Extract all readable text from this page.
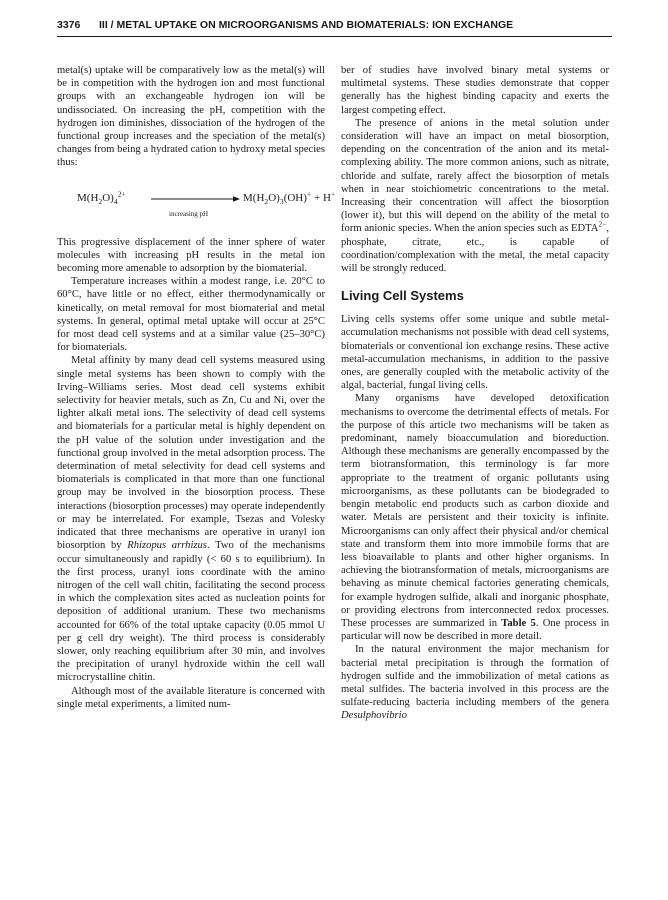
3376 III / METAL UPTAKE ON MICROORGANISMS AND BIOMATERIALS: ION EXCHANGE

metal(s) uptake will be comparatively low as the metal(s) will be in competition with the hydrogen ion and most functional groups with an exchangeable hydrogen ion will be undissociated. On increasing the pH, competition with the hydrogen ion diminishes, dissociation of the hydrogen of the functional group increases and the speciation of the metal(s) changes from being a hydrated cation to hydroxy metal species thus:

$M(H_2O)_4^{2+}$	$M(H_2O)_3(OH)^+ + H^+$
increasing pH

This progressive displacement of the inner sphere of water molecules with increasing pH results in the metal ion becoming more amenable to adsorption by the biomaterial.

Temperature increases within a modest range, i.e. 20°C to 60°C, have little or no effect, either thermodynamically or kinetically, on metal removal for most biomaterial and metal systems. In general, optimal metal uptake will occur at 25°C for most dead cell systems and at a similar value (25–30°C) for biomaterials.

Metal affinity by many dead cell systems measured using single metal systems has been shown to comply with the Irving–Williams series. Most dead cell systems exhibit selectivity for heavier metals, such as Zn, Cu and Ni, over the lighter alkali metal ions. The selectivity of dead cell systems and biomaterials for a particular metal is highly dependent on the pH value of the solution under investigation and the functional group involved in the metal adsorption process. The determination of metal selectivity for dead cell systems and biomaterials is complicated in that more than one functional group may be involved in the biosorption process. These interactions (biosorption processes) may operate independently or may be interrelated. For example, Tsezas and Volesky indicated that three mechanisms are operative in uranyl ion biosorption by Rhizopus arrhizus. Two of the mechanisms occur simultaneously and rapidly (< 60 s to equilibrium). In the first process, uranyl ions coordinate with the amino nitrogen of the cell wall chitin, facilitating the second process in which the complexation sites acted as nucleation points for deposition of additional uranium. These two mechanisms accounted for 66% of the total uptake capacity (0.05 mmol U per g cell dry weight). The third process is considerably slower, only reaching equilibrium after 30 min, and involves the precipitation of uranyl hydroxide within the cell wall microcrystalline chitin.

Although most of the available literature is concerned with single metal experiments, a limited num-

ber of studies have involved binary metal systems or multimetal systems. These studies demonstrate that copper generally has the highest binding capacity and exerts the largest competing effect.

The presence of anions in the metal solution under consideration will have an impact on metal biosorption, depending on the concentration of the anion and its metal-complexing ability. The more common anions, such as nitrate, chloride and sulfate, rarely affect the biosorption of metals when in near stoichiometric concentrations to the metal. Increasing their concentration will affect the biosorption (lower it), but this will depend on the ability of the metal to form anionic species. When the anion species such as $EDTA^{2-}$, phosphate, citrate, etc., is capable of coordination/complexation with the metal, the metal capacity will be strongly reduced.

Living Cell Systems

Living cells systems offer some unique and subtle metal-accumulation mechanisms not possible with dead cell systems, biomaterials or conventional ion exchange resins. These active metal-accumulation mechanisms, in addition to the passive ones, are generally coupled with the metabolic activity of the algal, bacterial, fungal living cells.

Many organisms have developed detoxification mechanisms to overcome the detrimental effects of metals. For the purpose of this article two mechanisms will be taken as predominant, namely bioaccumulation and bioreduction. Although these mechanisms are generally encompassed by the term biotransformation, this terminology is far more appropriate to the treatment of organic pollutants using microorganisms, as these pollutants can be biodegraded to bengin metabolic end products such as carbon dioxide and water. Metals are persistent and their toxicity is infinite. Microorganisms can only affect their physical and/or chemical state and transform them into more immobile forms that are less bioavailable to plants and other higher organisms. In achieving the biotransformation of metals, microorganisms are behaving as minute chemical factories generating chemicals, for example hydrogen sulfide, alkali and inorganic phosphate, or providing electrons from interconnected redox processes. These processes are summarized in Table 5. One process in particular will now be described in more detail.

In the natural environment the major mechanism for bacterial metal precipitation is through the formation of hydrogen sulfide and the immobilization of metal cations as metal sulfides. The bacteria involved in this process are the sulfate-reducing bacteria including members of the genera Desulphovibrio
